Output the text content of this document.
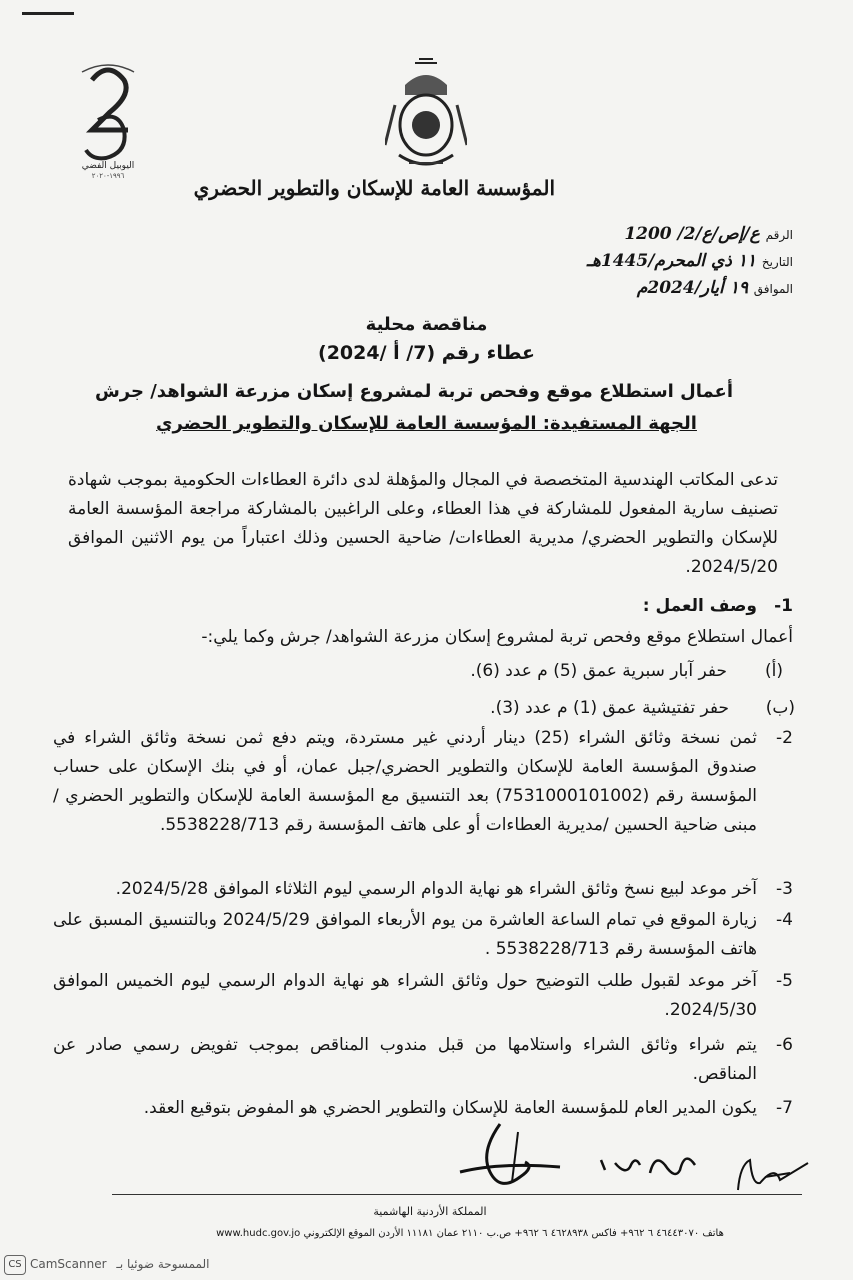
اليوبيل الفضي
١٩٩٦-٢٠٢٠	المؤسسة العامة للإسكان والتطوير الحضري
الرقم ع/إص/ع/2/ 1200
التاريخ ١١ ذي المحرم/1445هـ
الموافق ١٩ أيار/2024م
مناقصة محلية
عطاء رقم (7/ أ /2024)
أعمال استطلاع موقع وفحص تربة لمشروع إسكان مزرعة الشواهد/ جرش
الجهة المستفيدة: المؤسسة العامة للإسكان والتطوير الحضري
تدعى المكاتب الهندسية المتخصصة في المجال والمؤهلة لدى دائرة العطاءات الحكومية بموجب شهادة تصنيف سارية المفعول للمشاركة في هذا العطاء، وعلى الراغبين بالمشاركة مراجعة المؤسسة العامة للإسكان والتطوير الحضري/ مديرية العطاءات/ ضاحية الحسين وذلك اعتباراً من يوم الاثنين الموافق 2024/5/20.
1-وصف العمل :
أعمال استطلاع موقع وفحص تربة لمشروع إسكان مزرعة الشواهد/ جرش وكما يلي:-
(أ)حفر آبار سبرية عمق (5) م عدد (6).
(ب)حفر تفتيشية عمق (1) م عدد (3).
2-
ثمن نسخة وثائق الشراء (25) دينار أردني غير مستردة، ويتم دفع ثمن نسخة وثائق الشراء في صندوق المؤسسة العامة للإسكان والتطوير الحضري/جبل عمان، أو في بنك الإسكان على حساب المؤسسة رقم (7531000101002) بعد التنسيق مع المؤسسة العامة للإسكان والتطوير الحضري /مبنى ضاحية الحسين /مديرية العطاءات أو على هاتف المؤسسة رقم 5538228/713.
3-
آخر موعد لبيع نسخ وثائق الشراء هو نهاية الدوام الرسمي ليوم الثلاثاء الموافق 2024/5/28.
4-
زيارة الموقع في تمام الساعة العاشرة من يوم الأربعاء الموافق 2024/5/29 وبالتنسيق المسبق على هاتف المؤسسة رقم 5538228/713 .
5-
آخر موعد لقبول طلب التوضيح حول وثائق الشراء هو نهاية الدوام الرسمي ليوم الخميس الموافق 2024/5/30.
6-
يتم شراء وثائق الشراء واستلامها من قبل مندوب المناقص بموجب تفويض رسمي صادر عن المناقص.
7-
يكون المدير العام للمؤسسة العامة للإسكان والتطوير الحضري هو المفوض بتوقيع العقد.
المملكة الأردنية الهاشمية
هاتف ٤٦٤٤٣٠٧٠ ٦ ٩٦٢+ فاكس ٤٦٢٨٩٣٨ ٦ ٩٦٢+ ص.ب ٢١١٠ عمان ١١١٨١ الأردن الموقع الإلكتروني www.hudc.gov.jo
CS CamScanner الممسوحة ضوئيا بـ
